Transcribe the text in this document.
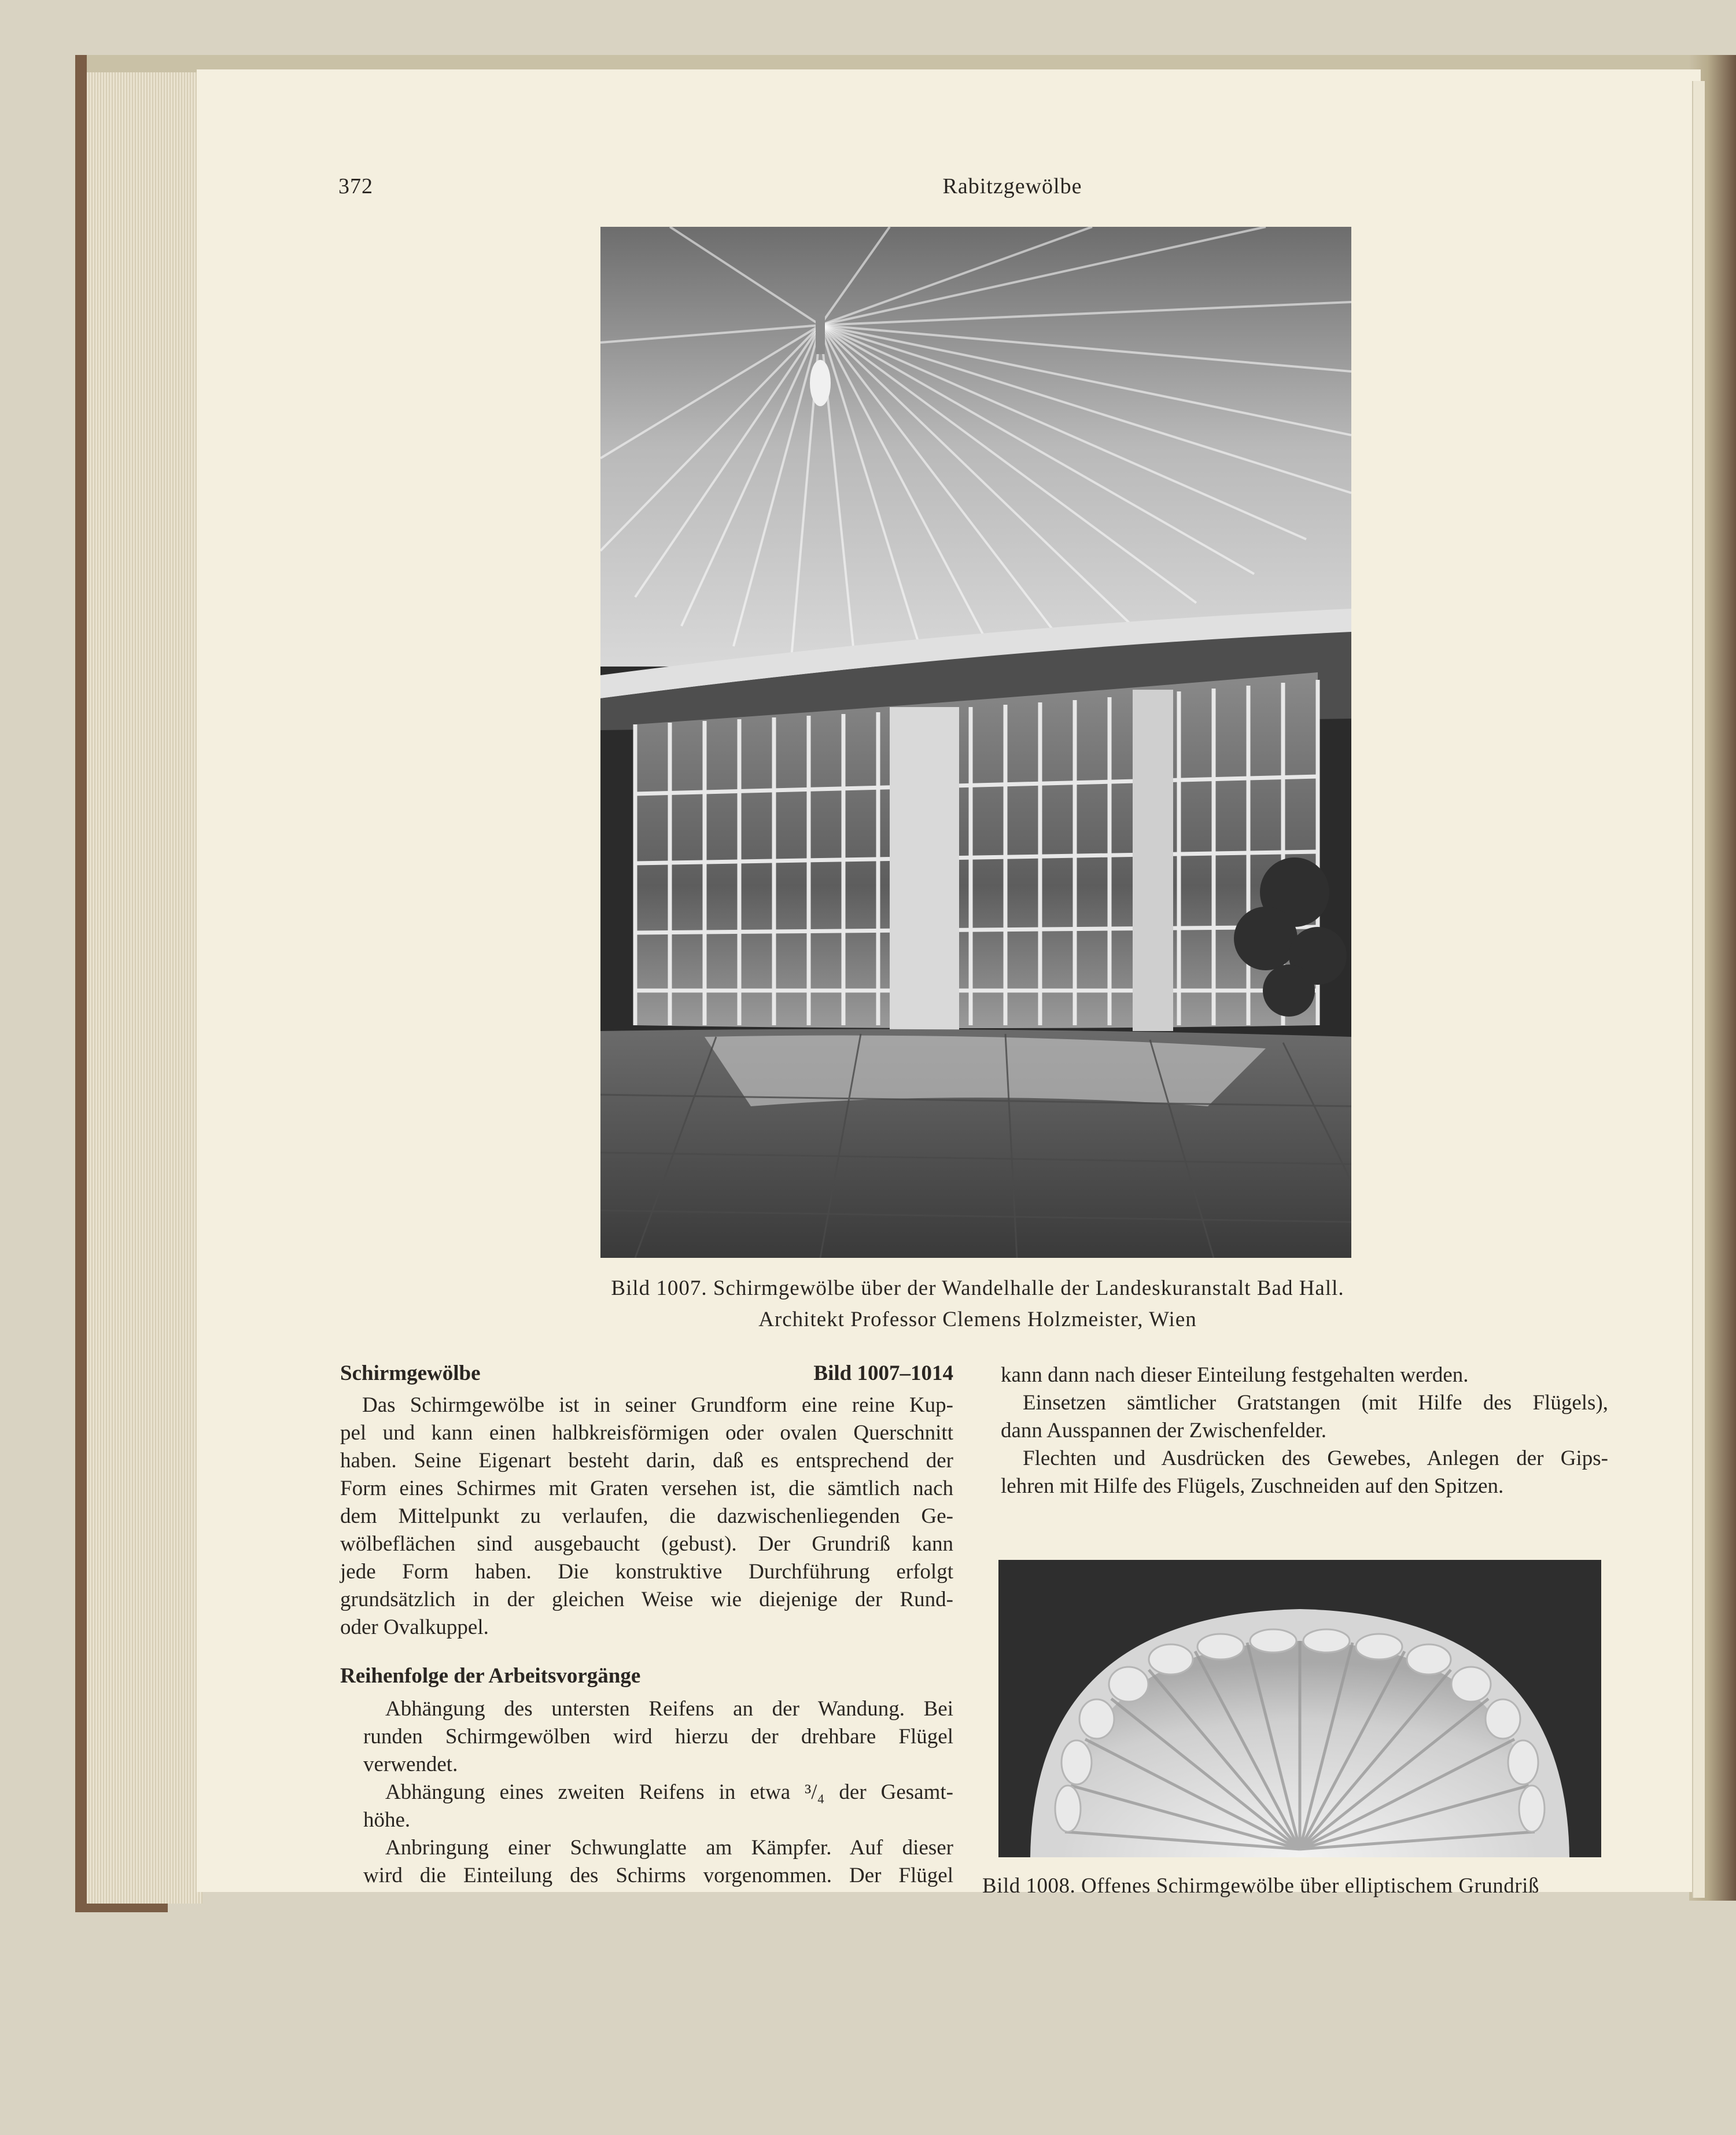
372	Rabitzgewölbe
Bild 1007. Schirmgewölbe über der Wandelhalle der Landeskuranstalt Bad Hall.
Architekt Professor Clemens Holzmeister, Wien
Schirmgewölbe	Bild 1007–1014
Das Schirmgewölbe ist in seiner Grundform eine reine Kup-
pel und kann einen halbkreisförmigen oder ovalen Querschnitt
haben. Seine Eigenart besteht darin, daß es entsprechend der
Form eines Schirmes mit Graten versehen ist, die sämtlich nach
dem Mittelpunkt zu verlaufen, die dazwischenliegenden Ge-
wölbeflächen sind ausgebaucht (gebust). Der Grundriß kann
jede Form haben. Die konstruktive Durchführung erfolgt
grundsätzlich in der gleichen Weise wie diejenige der Rund-
oder Ovalkuppel.
Reihenfolge der Arbeitsvorgänge
Abhängung des untersten Reifens an der Wandung. Bei
runden Schirmgewölben wird hierzu der drehbare Flügel
verwendet.
Abhängung eines zweiten Reifens in etwa ³/₄ der Gesamt-
höhe.
Anbringung einer Schwunglatte am Kämpfer. Auf dieser
wird die Einteilung des Schirms vorgenommen. Der Flügel
kann dann nach dieser Einteilung festgehalten werden.
Einsetzen sämtlicher Gratstangen (mit Hilfe des Flügels),
dann Ausspannen der Zwischenfelder.
Flechten und Ausdrücken des Gewebes, Anlegen der Gips-
lehren mit Hilfe des Flügels, Zuschneiden auf den Spitzen.
Bild 1008. Offenes Schirmgewölbe über elliptischem Grundriß
